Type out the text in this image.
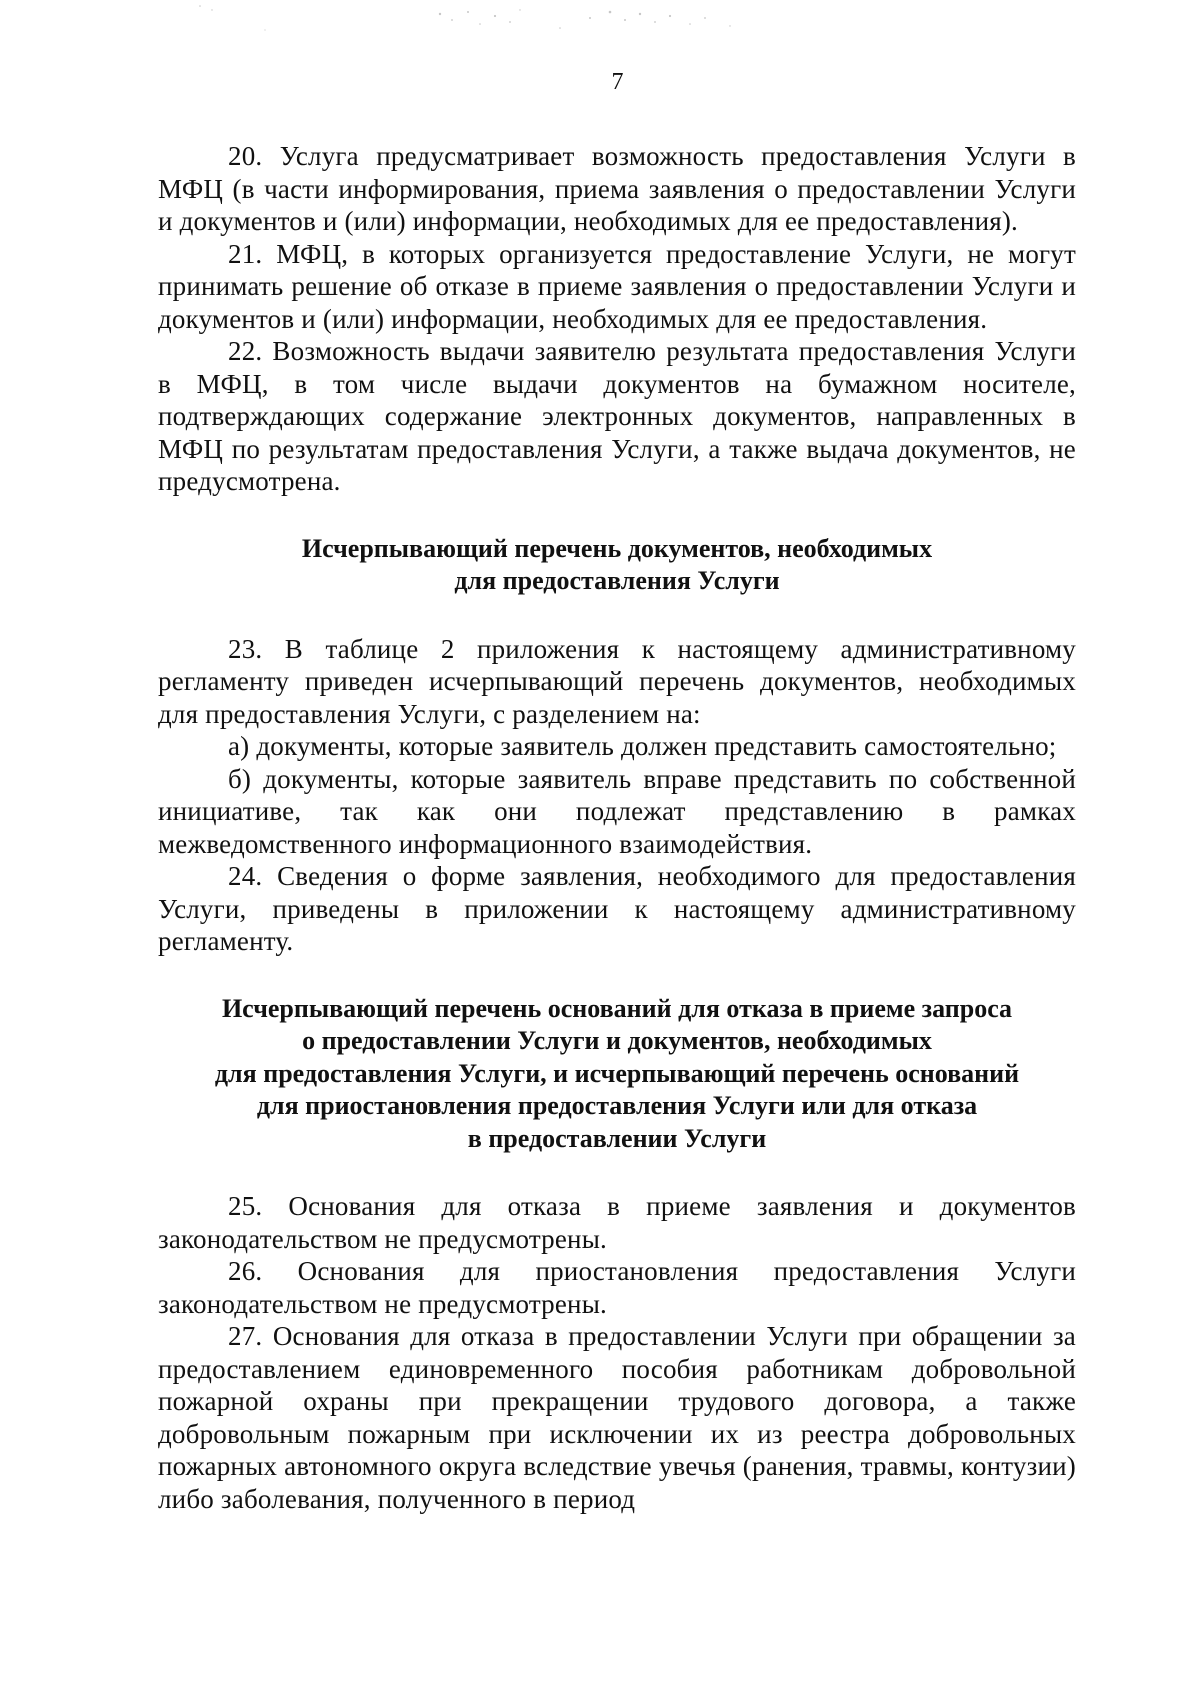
7

20. Услуга предусматривает возможность предоставления Услуги в МФЦ (в части информирования, приема заявления о предоставлении Услуги и документов и (или) информации, необходимых для ее предоставления).

21. МФЦ, в которых организуется предоставление Услуги, не могут принимать решение об отказе в приеме заявления о предоставлении Услуги и документов и (или) информации, необходимых для ее предоставления.

22. Возможность выдачи заявителю результата предоставления Услуги в МФЦ, в том числе выдачи документов на бумажном носителе, подтверждающих содержание электронных документов, направленных в МФЦ по результатам предоставления Услуги, а также выдача документов, не предусмотрена.

Исчерпывающий перечень документов, необходимых
для предоставления Услуги

23. В таблице 2 приложения к настоящему административному регламенту приведен исчерпывающий перечень документов, необходимых для предоставления Услуги, с разделением на:

а) документы, которые заявитель должен представить самостоятельно;

б) документы, которые заявитель вправе представить по собственной инициативе, так как они подлежат представлению в рамках межведомственного информационного взаимодействия.

24. Сведения о форме заявления, необходимого для предоставления Услуги, приведены в приложении к настоящему административному регламенту.

Исчерпывающий перечень оснований для отказа в приеме запроса
о предоставлении Услуги и документов, необходимых
для предоставления Услуги, и исчерпывающий перечень оснований
для приостановления предоставления Услуги или для отказа
в предоставлении Услуги

25. Основания для отказа в приеме заявления и документов законодательством не предусмотрены.

26. Основания для приостановления предоставления Услуги законодательством не предусмотрены.

27. Основания для отказа в предоставлении Услуги при обращении за предоставлением единовременного пособия работникам добровольной пожарной охраны при прекращении трудового договора, а также добровольным пожарным при исключении их из реестра добровольных пожарных автономного округа вследствие увечья (ранения, травмы, контузии) либо заболевания, полученного в период
